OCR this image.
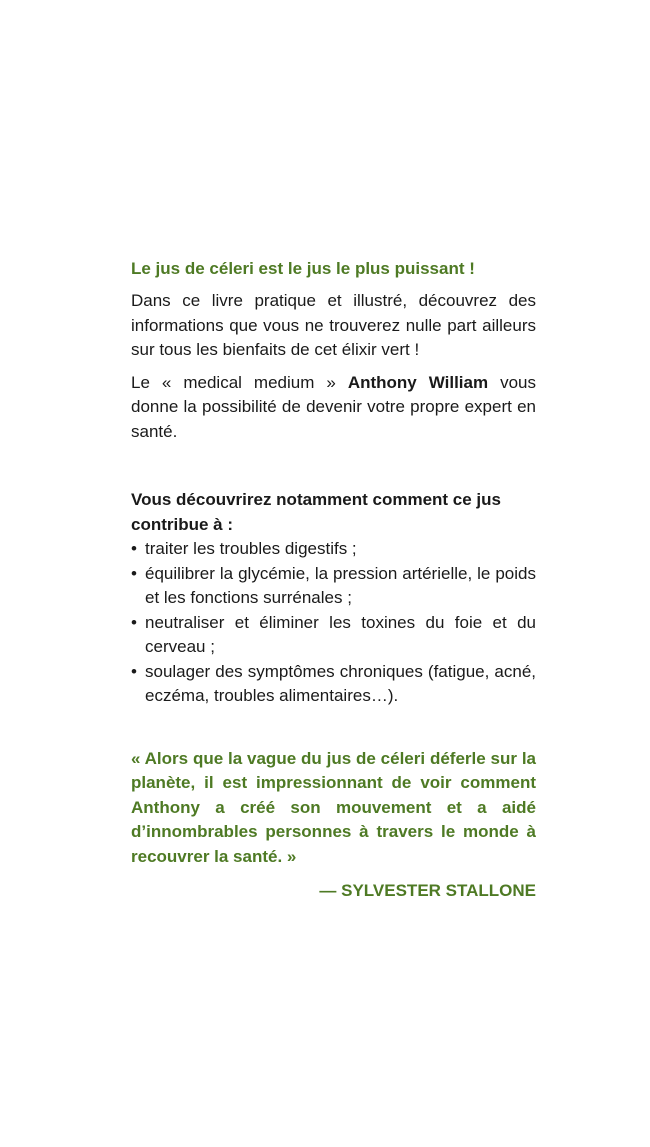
Le jus de céleri est le jus le plus puissant !

Dans ce livre pratique et illustré, découvrez des informations que vous ne trouverez nulle part ailleurs sur tous les bienfaits de cet élixir vert !

Le « medical medium » Anthony William vous donne la possibilité de devenir votre propre expert en santé.

Vous découvrirez notamment comment ce jus contribue à :

• traiter les troubles digestifs ;
• équilibrer la glycémie, la pression artérielle, le poids et les fonctions surrénales ;
• neutraliser et éliminer les toxines du foie et du cerveau ;
• soulager des symptômes chroniques (fatigue, acné, eczéma, troubles alimentaires…).

« Alors que la vague du jus de céleri déferle sur la planète, il est impressionnant de voir comment Anthony a créé son mouvement et a aidé d’innombrables personnes à travers le monde à recouvrer la santé. »

— SYLVESTER STALLONE
